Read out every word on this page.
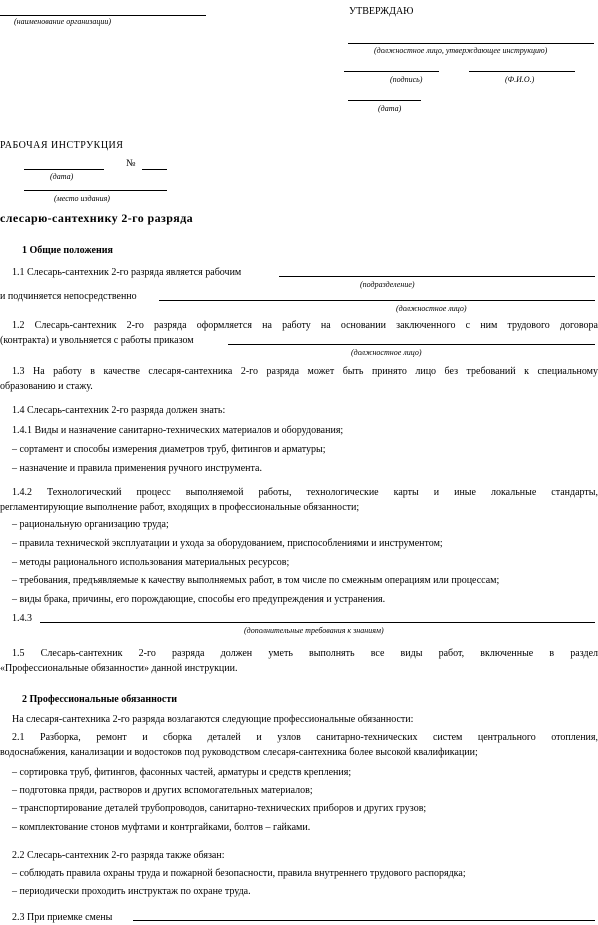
(наименование организации)
УТВЕРЖДАЮ
(должностное лицо, утверждающее инструкцию)
(подпись)	(Ф.И.О.)
(дата)
РАБОЧАЯ ИНСТРУКЦИЯ
№
(дата)
(место издания)
слесарю-сантехнику 2-го разряда
1 Общие положения
1.1 Слесарь-сантехник 2-го разряда является рабочим
(подразделение)
и подчиняется непосредственно
(должностное лицо)
1.2 Слесарь-сантехник 2-го разряда оформляется на работу на основании заключенного с ним трудового договора
(контракта) и увольняется с работы приказом
(должностное лицо)
1.3 На работу в качестве слесаря-сантехника 2-го разряда может быть принято лицо без требований к специальному
образованию и стажу.
1.4 Слесарь-сантехник 2-го разряда должен знать:
1.4.1 Виды и назначение санитарно-технических материалов и оборудования;
– сортамент и способы измерения диаметров труб, фитингов и арматуры;
– назначение и правила применения ручного инструмента.
1.4.2 Технологический процесс выполняемой работы, технологические карты и иные локальные стандарты,
регламентирующие выполнение работ, входящих в профессиональные обязанности;
– рациональную организацию труда;
– правила технической эксплуатации и ухода за оборудованием, приспособлениями и инструментом;
– методы рационального использования материальных ресурсов;
– требования, предъявляемые к качеству выполняемых работ, в том числе по смежным операциям или процессам;
– виды брака, причины, его порождающие, способы его предупреждения и устранения.
1.4.3
(дополнительные требования к знаниям)
1.5 Слесарь-сантехник 2-го разряда должен уметь выполнять все виды работ, включенные в раздел
«Профессиональные обязанности» данной инструкции.
2 Профессиональные обязанности
На слесаря-сантехника 2-го разряда возлагаются следующие профессиональные обязанности:
2.1 Разборка, ремонт и сборка деталей и узлов санитарно-технических систем центрального отопления,
водоснабжения, канализации и водостоков под руководством слесаря-сантехника более высокой квалификации;
– сортировка труб, фитингов, фасонных частей, арматуры и средств крепления;
– подготовка пряди, растворов и других вспомогательных материалов;
– транспортирование деталей трубопроводов, санитарно-технических приборов и других грузов;
– комплектование стонов муфтами и контргайками, болтов – гайками.
2.2 Слесарь-сантехник 2-го разряда также обязан:
– соблюдать правила охраны труда и пожарной безопасности, правила внутреннего трудового распорядка;
– периодически проходить инструктаж по охране труда.
2.3 При приемке смены
